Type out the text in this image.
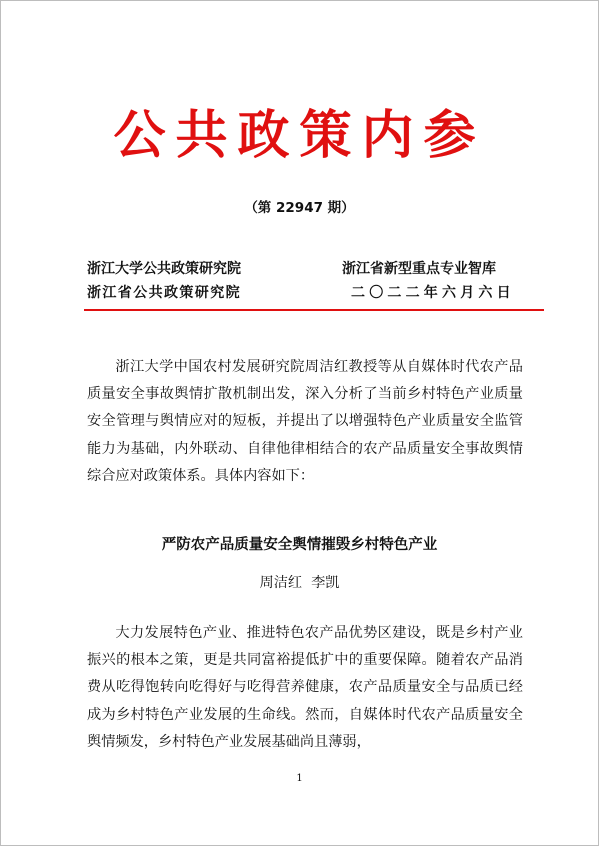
公共政策内参
（第 22947 期）
浙江大学公共政策研究院
浙江省公共政策研究院
浙江省新型重点专业智库
二〇二二年六月六日

浙江大学中国农村发展研究院周洁红教授等从自媒体时代农产品质量安全事故舆情扩散机制出发，深入分析了当前乡村特色产业质量安全管理与舆情应对的短板，并提出了以增强特色产业质量安全监管能力为基础，内外联动、自律他律相结合的农产品质量安全事故舆情综合应对政策体系。具体内容如下：

严防农产品质量安全舆情摧毁乡村特色产业
周洁红  李凯

大力发展特色产业、推进特色农产品优势区建设，既是乡村产业振兴的根本之策，更是共同富裕提低扩中的重要保障。随着农产品消费从吃得饱转向吃得好与吃得营养健康，农产品质量安全与品质已经成为乡村特色产业发展的生命线。然而，自媒体时代农产品质量安全舆情频发，乡村特色产业发展基础尚且薄弱，

1
